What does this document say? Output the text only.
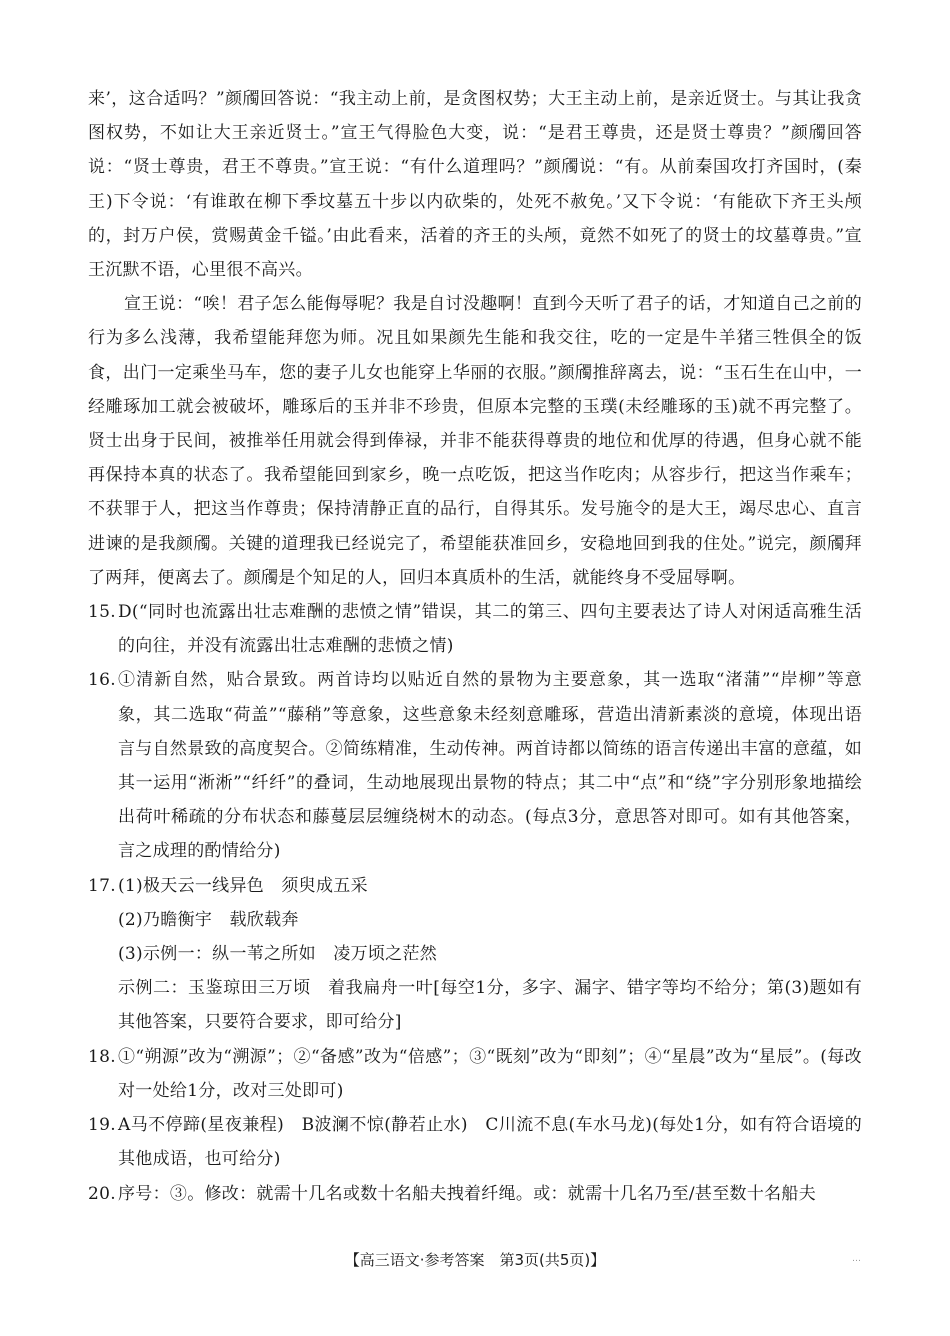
来’，这合适吗？”颜斶回答说：“我主动上前，是贪图权势；大王主动上前，是亲近贤士。与其让我贪图权势，不如让大王亲近贤士。”宣王气得脸色大变，说：“是君王尊贵，还是贤士尊贵？”颜斶回答说：“贤士尊贵，君王不尊贵。”宣王说：“有什么道理吗？”颜斶说：“有。从前秦国攻打齐国时，(秦王)下令说：‘有谁敢在柳下季坟墓五十步以内砍柴的，处死不赦免。’又下令说：‘有能砍下齐王头颅的，封万户侯，赏赐黄金千镒。’由此看来，活着的齐王的头颅，竟然不如死了的贤士的坟墓尊贵。”宣王沉默不语，心里很不高兴。

宣王说：“唉！君子怎么能侮辱呢？我是自讨没趣啊！直到今天听了君子的话，才知道自己之前的行为多么浅薄，我希望能拜您为师。况且如果颜先生能和我交往，吃的一定是牛羊猪三牲俱全的饭食，出门一定乘坐马车，您的妻子儿女也能穿上华丽的衣服。”颜斶推辞离去，说：“玉石生在山中，一经雕琢加工就会被破坏，雕琢后的玉并非不珍贵，但原本完整的玉璞(未经雕琢的玉)就不再完整了。贤士出身于民间，被推举任用就会得到俸禄，并非不能获得尊贵的地位和优厚的待遇，但身心就不能再保持本真的状态了。我希望能回到家乡，晚一点吃饭，把这当作吃肉；从容步行，把这当作乘车；不获罪于人，把这当作尊贵；保持清静正直的品行，自得其乐。发号施令的是大王，竭尽忠心、直言进谏的是我颜斶。关键的道理我已经说完了，希望能获准回乡，安稳地回到我的住处。”说完，颜斶拜了两拜，便离去了。颜斶是个知足的人，回归本真质朴的生活，就能终身不受屈辱啊。

15. D(“同时也流露出壮志难酬的悲愤之情”错误，其二的第三、四句主要表达了诗人对闲适高雅生活的向往，并没有流露出壮志难酬的悲愤之情)
16. ①清新自然，贴合景致。两首诗均以贴近自然的景物为主要意象，其一选取“渚蒲”“岸柳”等意象，其二选取“荷盖”“藤稍”等意象，这些意象未经刻意雕琢，营造出清新素淡的意境，体现出语言与自然景致的高度契合。②简练精准，生动传神。两首诗都以简练的语言传递出丰富的意蕴，如其一运用“淅淅”“纤纤”的叠词，生动地展现出景物的特点；其二中“点”和“绕”字分别形象地描绘出荷叶稀疏的分布状态和藤蔓层层缠绕树木的动态。(每点3分，意思答对即可。如有其他答案，言之成理的酌情给分)
17. (1)极天云一线异色　须臾成五采
(2)乃瞻衡宇　载欣载奔
(3)示例一：纵一苇之所如　凌万顷之茫然
示例二：玉鉴琼田三万顷　着我扁舟一叶[每空1分，多字、漏字、错字等均不给分；第(3)题如有其他答案，只要符合要求，即可给分]
18. ①“朔源”改为“溯源”；②“备感”改为“倍感”；③“既刻”改为“即刻”；④“星晨”改为“星辰”。(每改对一处给1分，改对三处即可)
19. A马不停蹄(星夜兼程)　B波澜不惊(静若止水)　C川流不息(车水马龙)(每处1分，如有符合语境的其他成语，也可给分)
20. 序号：③。修改：就需十几名或数十名船夫拽着纤绳。或：就需十几名乃至/甚至数十名船夫
【高三语文·参考答案　第3页(共5页)】	…
